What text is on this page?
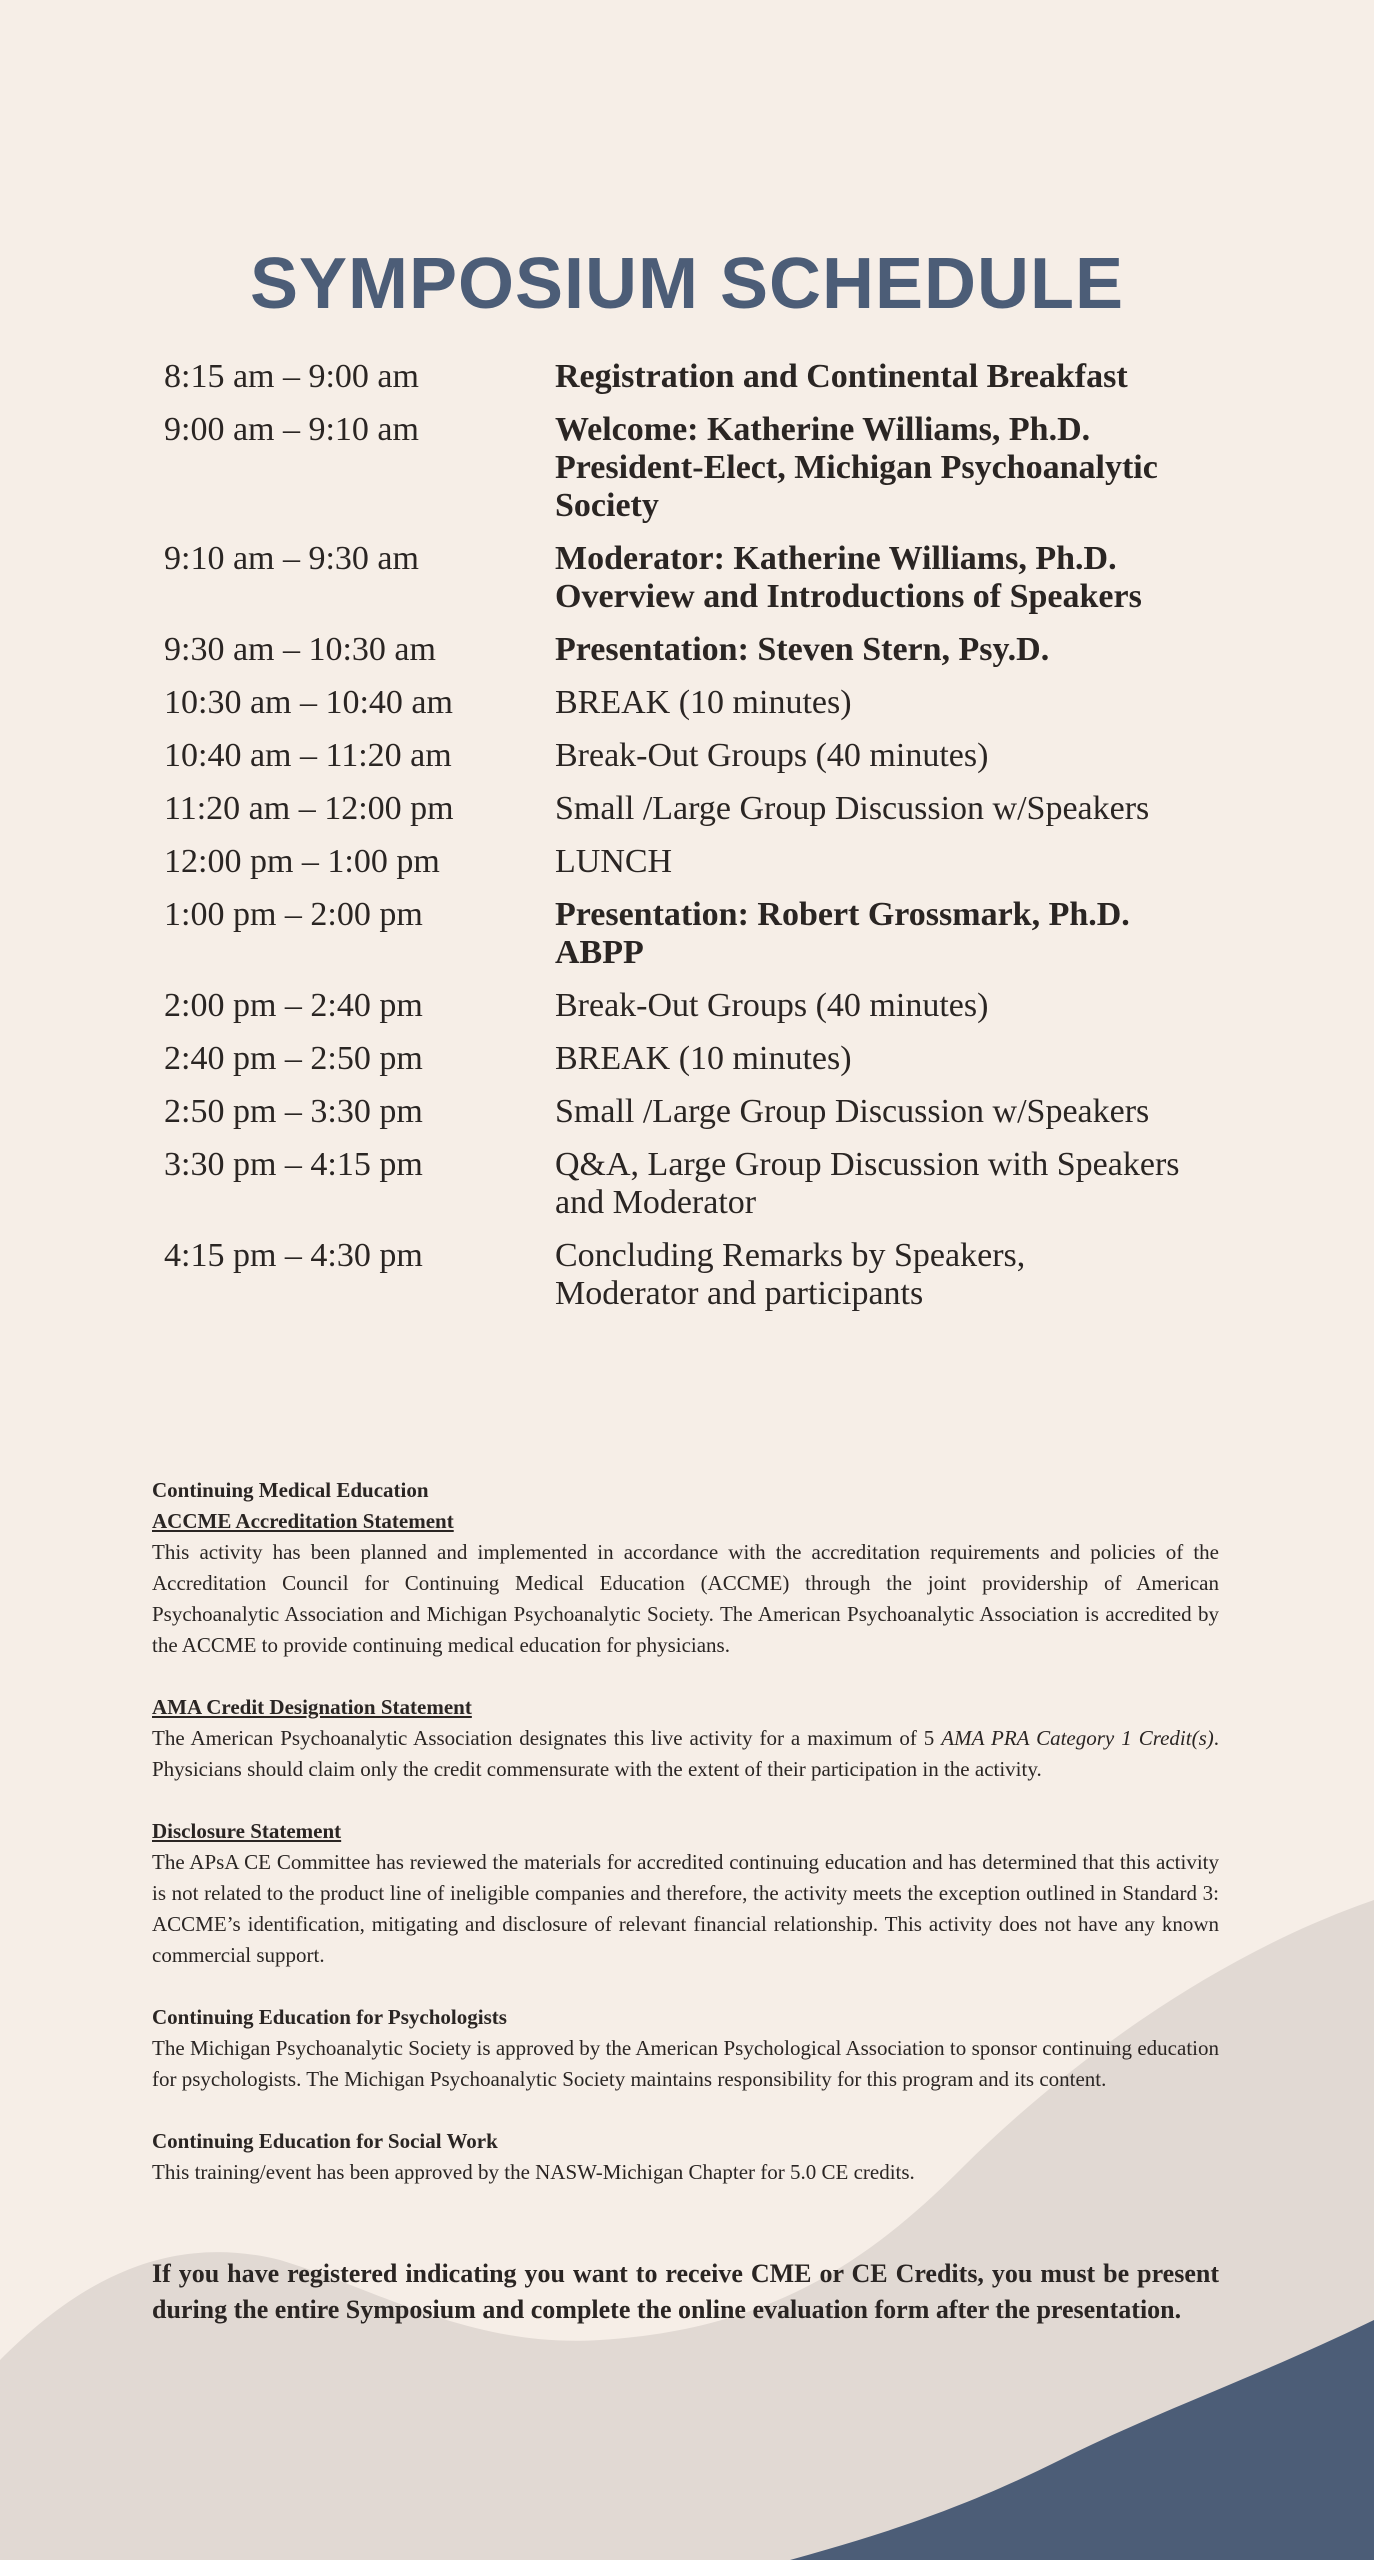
SYMPOSIUM SCHEDULE
8:15 am – 9:00 am	Registration and Continental Breakfast
9:00 am – 9:10 am	Welcome: Katherine Williams, Ph.D.
President-Elect, Michigan Psychoanalytic Society
9:10 am – 9:30 am	Moderator: Katherine Williams, Ph.D.
Overview and Introductions of Speakers
9:30 am – 10:30 am	Presentation: Steven Stern, Psy.D.
10:30 am – 10:40 am	BREAK (10 minutes)
10:40 am – 11:20 am	Break-Out Groups (40 minutes)
11:20 am – 12:00 pm	Small /Large Group Discussion w/Speakers
12:00 pm – 1:00 pm	LUNCH
1:00 pm – 2:00 pm	Presentation: Robert Grossmark, Ph.D. ABPP
2:00 pm – 2:40 pm	Break-Out Groups (40 minutes)
2:40 pm – 2:50 pm	BREAK (10 minutes)
2:50 pm – 3:30 pm	Small /Large Group Discussion w/Speakers
3:30 pm – 4:15 pm	Q&A, Large Group Discussion with Speakers
and Moderator
4:15 pm – 4:30 pm	Concluding Remarks by Speakers,
Moderator and participants
Continuing Medical Education
ACCME Accreditation Statement

This activity has been planned and implemented in accordance with the accreditation requirements and policies of the Accreditation Council for Continuing Medical Education (ACCME) through the joint providership of American Psychoanalytic Association and Michigan Psychoanalytic Society. The American Psychoanalytic Association is accredited by the ACCME to provide continuing medical education for physicians.

AMA Credit Designation Statement

The American Psychoanalytic Association designates this live activity for a maximum of 5 AMA PRA Category 1 Credit(s). Physicians should claim only the credit commensurate with the extent of their participation in the activity.

Disclosure Statement

The APsA CE Committee has reviewed the materials for accredited continuing education and has determined that this activity is not related to the product line of ineligible companies and therefore, the activity meets the exception outlined in Standard 3: ACCME’s identification, mitigating and disclosure of relevant financial relationship. This activity does not have any known commercial support.

Continuing Education for Psychologists

The Michigan Psychoanalytic Society is approved by the American Psychological Association to sponsor continuing education for psychologists. The Michigan Psychoanalytic Society maintains responsibility for this program and its content.

Continuing Education for Social Work

This training/event has been approved by the NASW-Michigan Chapter for 5.0 CE credits.

If you have registered indicating you want to receive CME or CE Credits, you must be present during the entire Symposium and complete the online evaluation form after the presentation.
